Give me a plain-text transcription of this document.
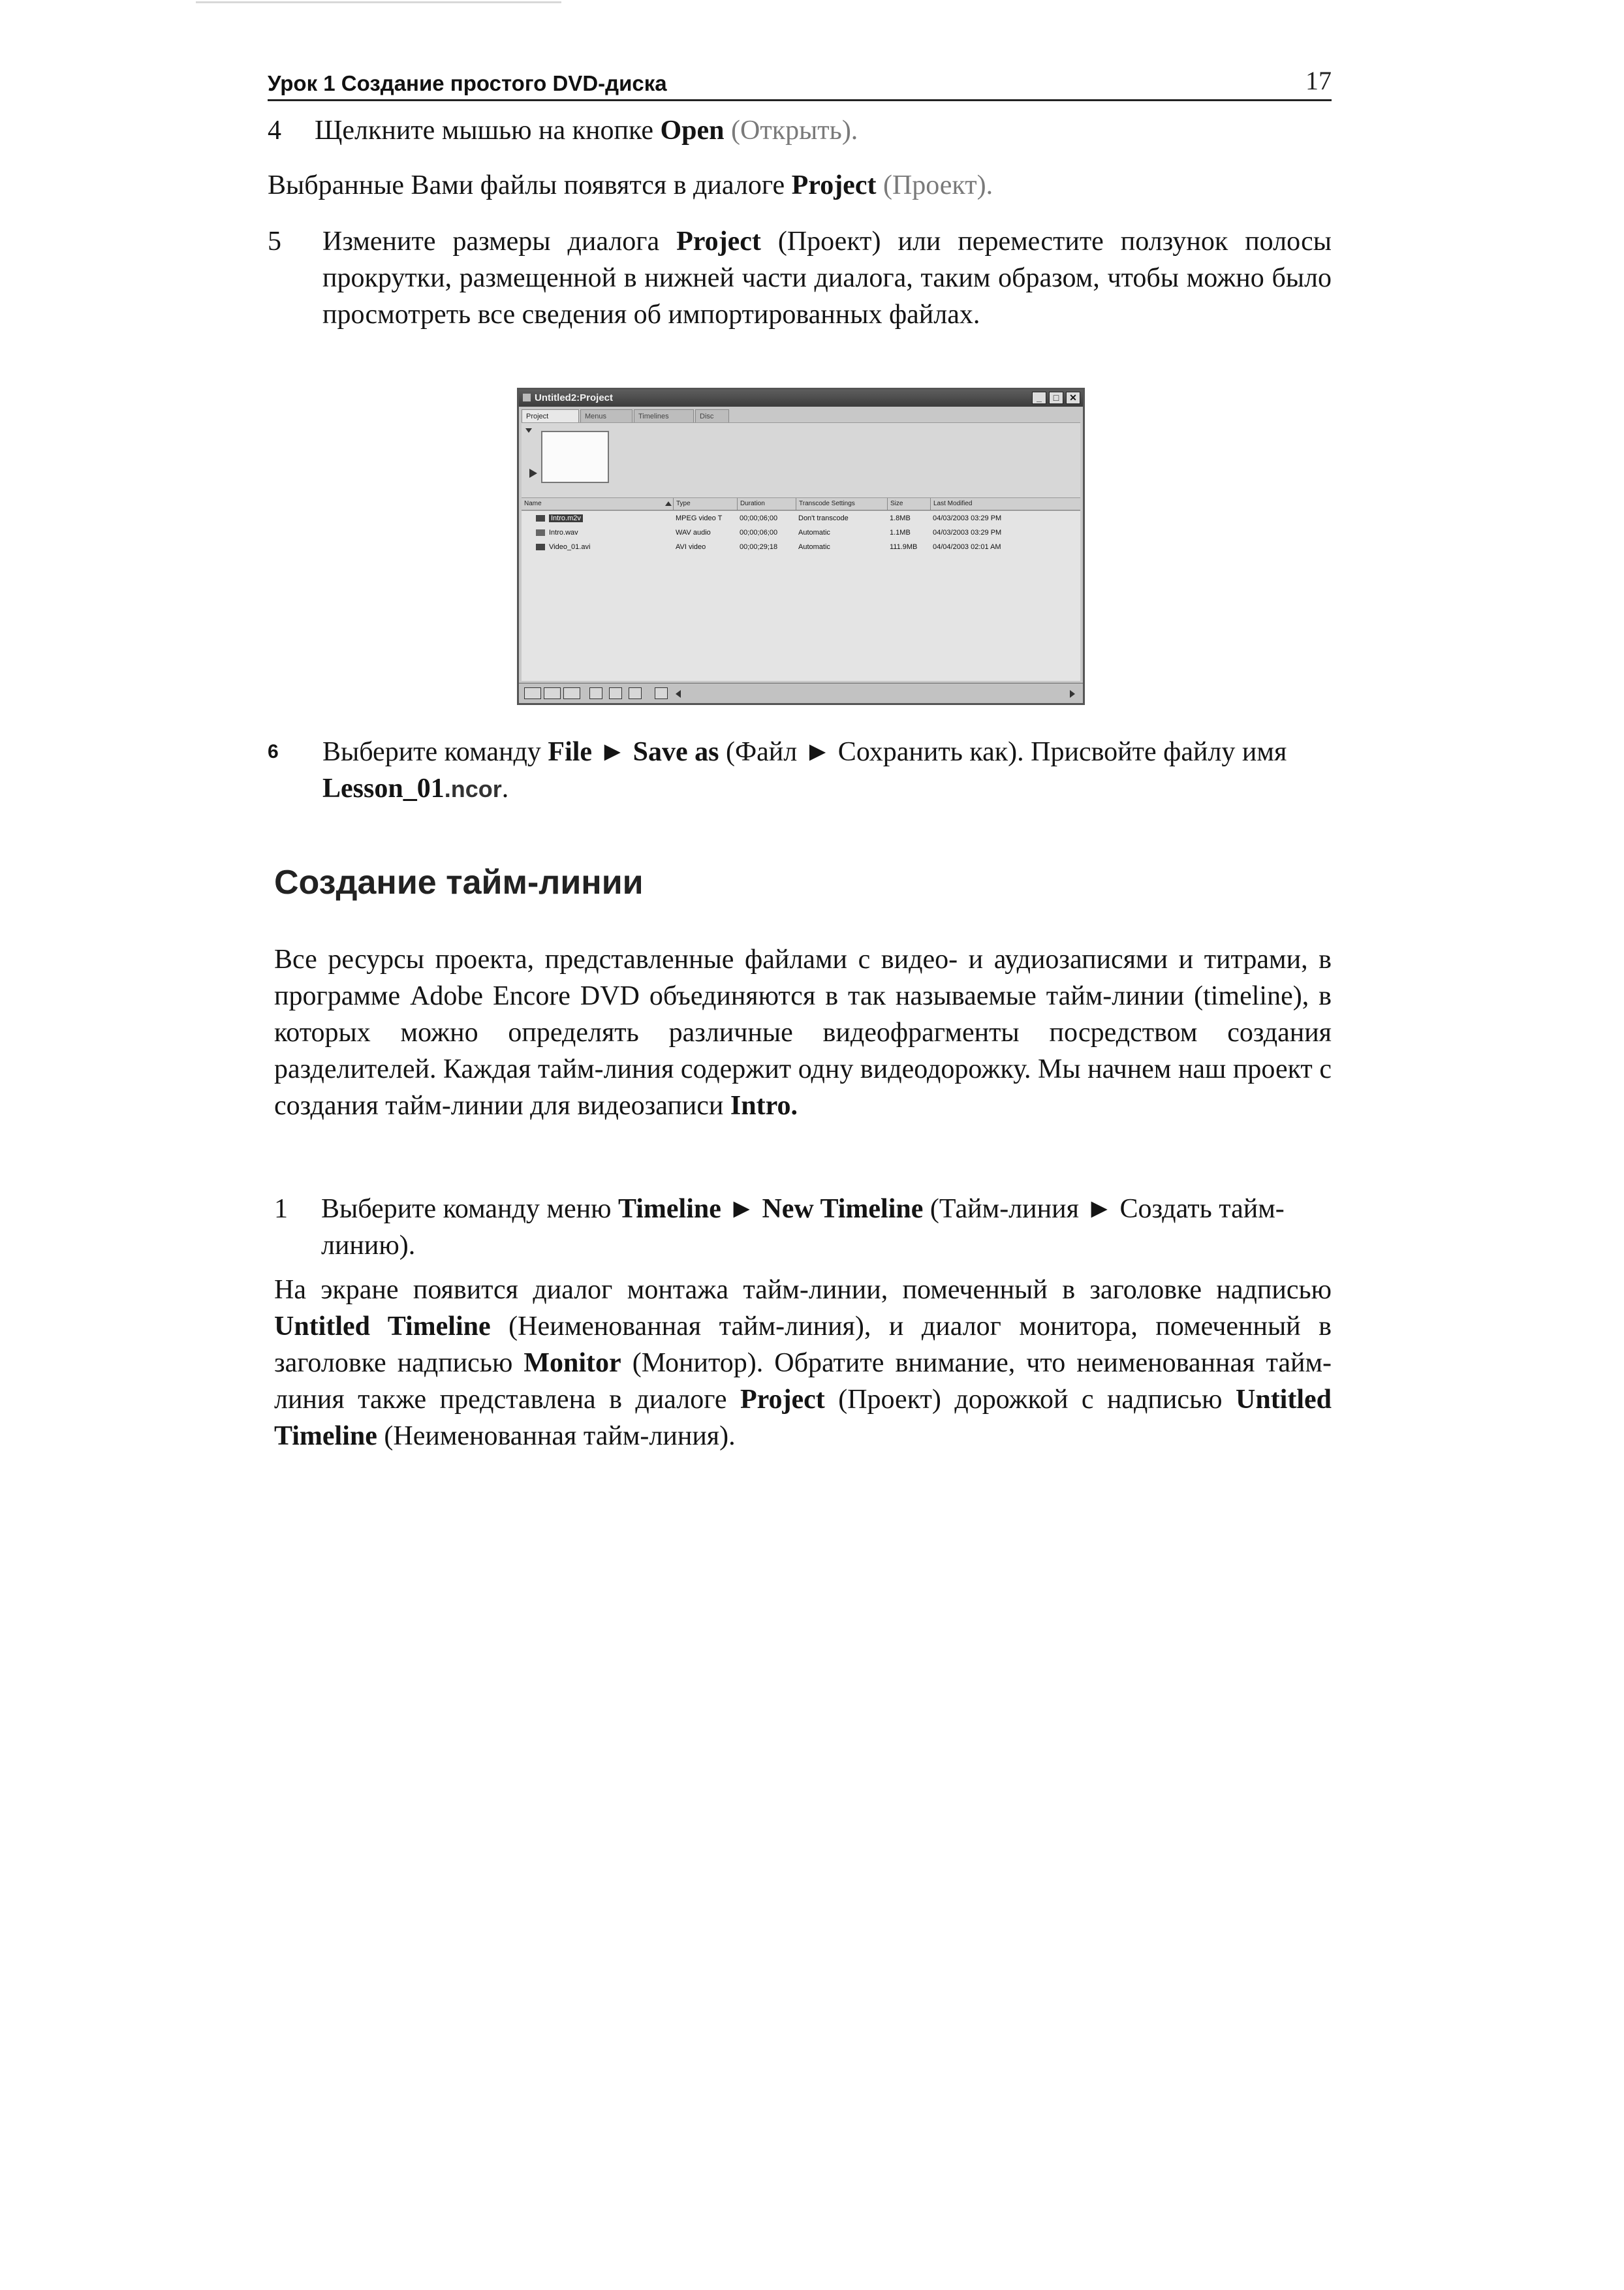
Урок 1 Создание простого DVD-диска	17
4 Щелкните мышью на кнопке Open (Открыть).

Выбранные Вами файлы появятся в диалоге Project (Проект).

5 Измените размеры диалога Project (Проект) или переместите ползунок полосы прокрутки, размещенной в нижней части диалога, таким образом, чтобы можно было просмотреть все сведения об импортированных файлах.

Untitled2:Project	_	□	✕
Project	Menus	Timelines	Disc
Name	Type	Duration	Transcode Settings	Size	Last Modified
Intro.m2v	MPEG video T	00;00;06;00	Don't transcode	1.8MB	04/03/2003 03:29 PM
Intro.wav	WAV audio	00;00;06;00	Automatic	1.1MB	04/03/2003 03:29 PM
Video_01.avi	AVI video	00;00;29;18	Automatic	111.9MB	04/04/2003 02:01 AM
6 Выберите команду File ► Save as (Файл ► Сохранить как). Присвойте файлу имя Lesson_01.ncor.

Создание тайм-линии

Все ресурсы проекта, представленные файлами с видео- и аудиозаписями и титрами, в программе Adobe Encore DVD объединяются в так называемые тайм-линии (timeline), в которых можно определять различные видеофрагменты посредством создания разделителей. Каждая тайм-линия содержит одну видеодорожку. Мы начнем наш проект с создания тайм-линии для видеозаписи Intro.

1 Выберите команду меню Timeline ► New Timeline (Тайм-линия ► Создать тайм-линию).

На экране появится диалог монтажа тайм-линии, помеченный в заголовке надписью Untitled Timeline (Неименованная тайм-линия), и диалог монитора, помеченный в заголовке надписью Monitor (Монитор). Обратите внимание, что неименованная тайм-линия также представлена в диалоге Project (Проект) дорожкой с надписью Untitled Timeline (Неименованная тайм-линия).
